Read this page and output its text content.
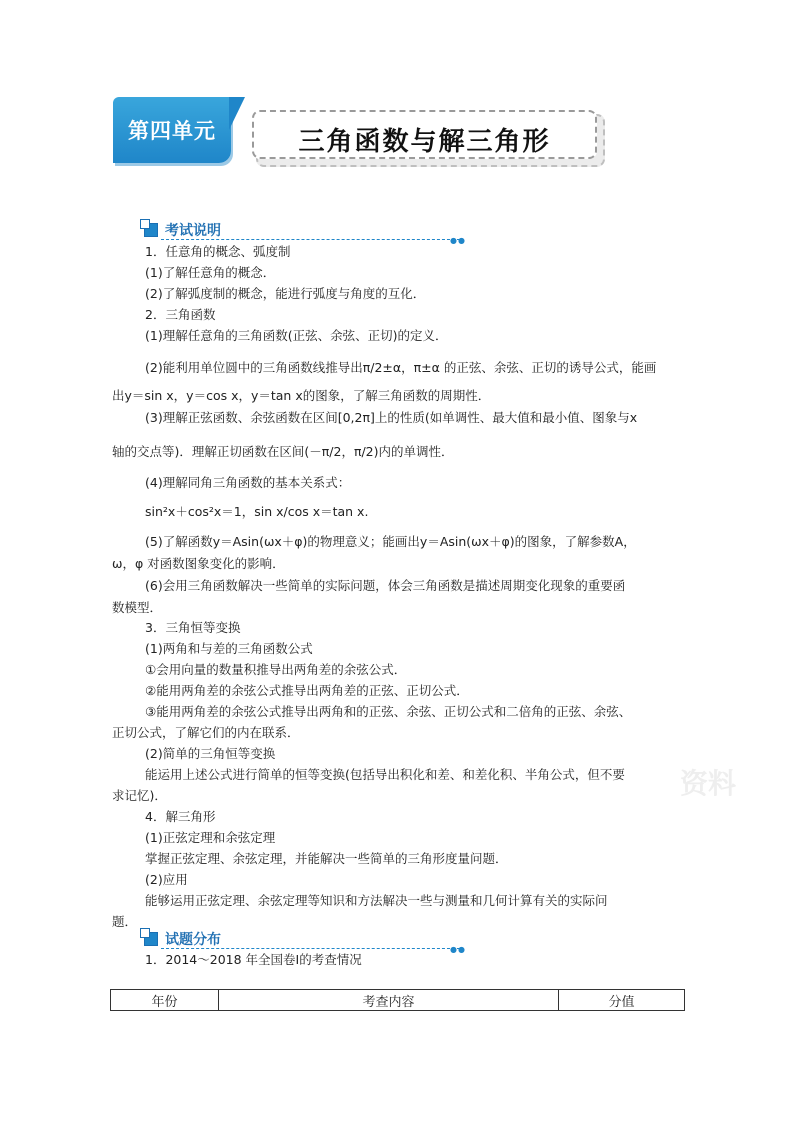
第四单元	三角函数与解三角形
考试说明
●●
1．任意角的概念、弧度制
(1)了解任意角的概念．
(2)了解弧度制的概念，能进行弧度与角度的互化．
2．三角函数
(1)理解任意角的三角函数(正弦、余弦、正切)的定义．
(2)能利用单位圆中的三角函数线推导出π/2±α，π±α 的正弦、余弦、正切的诱导公式，能画
出y＝sin x，y＝cos x，y＝tan x的图象，了解三角函数的周期性．
(3)理解正弦函数、余弦函数在区间[0,2π]上的性质(如单调性、最大值和最小值、图象与x
轴的交点等)．理解正切函数在区间(－π/2，π/2)内的单调性．
(4)理解同角三角函数的基本关系式：
sin²x＋cos²x＝1，sin x/cos x＝tan x.
(5)了解函数y＝Asin(ωx＋φ)的物理意义；能画出y＝Asin(ωx＋φ)的图象，了解参数A，
ω，φ 对函数图象变化的影响．
(6)会用三角函数解决一些简单的实际问题，体会三角函数是描述周期变化现象的重要函
数模型．
3．三角恒等变换
(1)两角和与差的三角函数公式
①会用向量的数量积推导出两角差的余弦公式．
②能用两角差的余弦公式推导出两角差的正弦、正切公式．
③能用两角差的余弦公式推导出两角和的正弦、余弦、正切公式和二倍角的正弦、余弦、
正切公式，了解它们的内在联系．
(2)简单的三角恒等变换
能运用上述公式进行简单的恒等变换(包括导出积化和差、和差化积、半角公式，但不要
求记忆)．
4．解三角形
(1)正弦定理和余弦定理
掌握正弦定理、余弦定理，并能解决一些简单的三角形度量问题．
(2)应用
能够运用正弦定理、余弦定理等知识和方法解决一些与测量和几何计算有关的实际问
题．
试题分布
●●
1．2014～2018 年全国卷Ⅰ的考查情况
年份	考查内容	分值
资料
